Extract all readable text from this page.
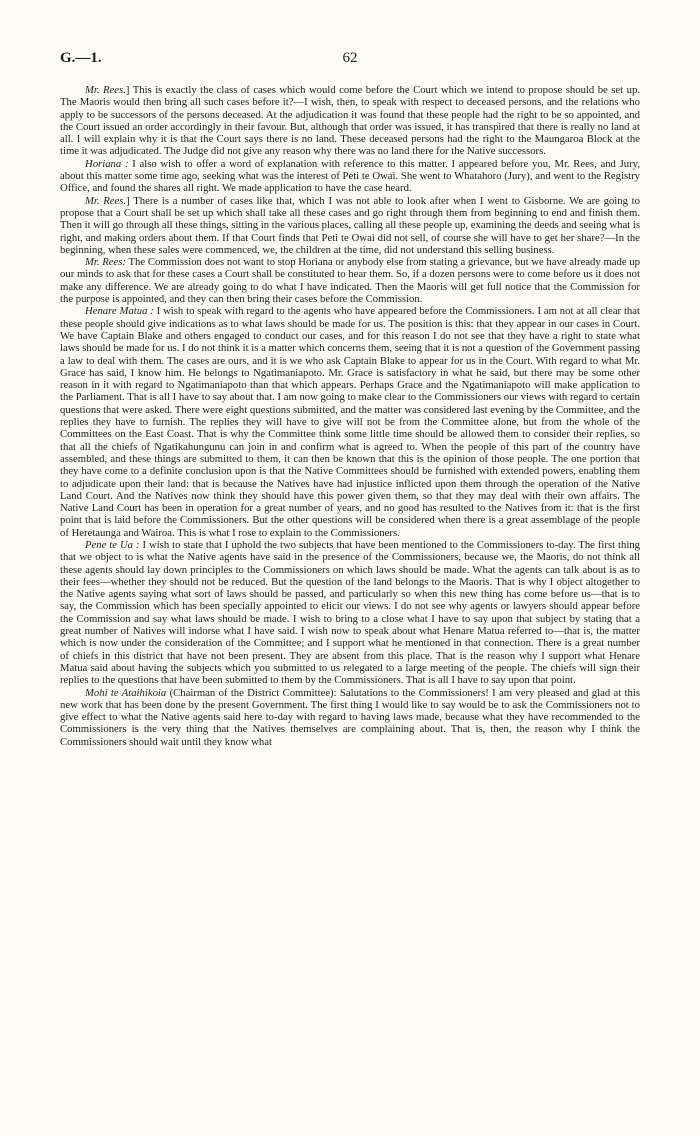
G.—1.	62

Mr. Rees.] This is exactly the class of cases which would come before the Court which we intend to propose should be set up. The Maoris would then bring all such cases before it?—I wish, then, to speak with respect to deceased persons, and the relations who apply to be successors of the persons deceased. At the adjudication it was found that these people had the right to be so appointed, and the Court issued an order accordingly in their favour. But, although that order was issued, it has transpired that there is really no land at all. I will explain why it is that the Court says there is no land. These deceased persons had the right to the Maungaroa Block at the time it was adjudicated. The Judge did not give any reason why there was no land there for the Native successors.

Horiana : I also wish to offer a word of explanation with reference to this matter. I appeared before you, Mr. Rees, and Jury, about this matter some time ago, seeking what was the interest of Peti te Owai. She went to Whatahoro (Jury), and went to the Registry Office, and found the shares all right. We made application to have the case heard.

Mr. Rees.] There is a number of cases like that, which I was not able to look after when I went to Gisborne. We are going to propose that a Court shall be set up which shall take all these cases and go right through them from beginning to end and finish them. Then it will go through all these things, sitting in the various places, calling all these people up, examining the deeds and seeing what is right, and making orders about them. If that Court finds that Peti te Owai did not sell, of course she will have to get her share?—In the beginning, when these sales were commenced, we, the children at the time, did not understand this selling business.

Mr. Rees: The Commission does not want to stop Horiana or anybody else from stating a grievance, but we have already made up our minds to ask that for these cases a Court shall be constituted to hear them. So, if a dozen persons were to come before us it does not make any difference. We are already going to do what I have indicated. Then the Maoris will get full notice that the Commission for the purpose is appointed, and they can then bring their cases before the Commission.

Henare Matua : I wish to speak with regard to the agents who have appeared before the Commissioners. I am not at all clear that these people should give indications as to what laws should be made for us. The position is this: that they appear in our cases in Court. We have Captain Blake and others engaged to conduct our cases, and for this reason I do not see that they have a right to state what laws should be made for us. I do not think it is a matter which concerns them, seeing that it is not a question of the Government passing a law to deal with them. The cases are ours, and it is we who ask Captain Blake to appear for us in the Court. With regard to what Mr. Grace has said, I know him. He belongs to Ngatimaniapoto. Mr. Grace is satisfactory in what he said, but there may be some other reason in it with regard to Ngatimaniapoto than that which appears. Perhaps Grace and the Ngatimaniapoto will make application to the Parliament. That is all I have to say about that. I am now going to make clear to the Commissioners our views with regard to certain questions that were asked. There were eight questions submitted, and the matter was considered last evening by the Committee, and the replies they have to furnish. The replies they will have to give will not be from the Committee alone, but from the whole of the Committees on the East Coast. That is why the Committee think some little time should be allowed them to consider their replies, so that all the chiefs of Ngatikahungunu can join in and confirm what is agreed to. When the people of this part of the country have assembled, and these things are submitted to them, it can then be known that this is the opinion of those people. The one portion that they have come to a definite conclusion upon is that the Native Committees should be furnished with extended powers, enabling them to adjudicate upon their land: that is because the Natives have had injustice inflicted upon them through the operation of the Native Land Court. And the Natives now think they should have this power given them, so that they may deal with their own affairs. The Native Land Court has been in operation for a great number of years, and no good has resulted to the Natives from it: that is the first point that is laid before the Commissioners. But the other questions will be considered when there is a great assemblage of the people of Heretaunga and Wairoa. This is what I rose to explain to the Commissioners.

Pene te Ua : I wish to state that I uphold the two subjects that have been mentioned to the Commissioners to-day. The first thing that we object to is what the Native agents have said in the presence of the Commissioners, because we, the Maoris, do not think all these agents should lay down principles to the Commissioners on which laws should be made. What the agents can talk about is as to their fees—whether they should not be reduced. But the question of the land belongs to the Maoris. That is why I object altogether to the Native agents saying what sort of laws should be passed, and particularly so when this new thing has come before us—that is to say, the Commission which has been specially appointed to elicit our views. I do not see why agents or lawyers should appear before the Commission and say what laws should be made. I wish to bring to a close what I have to say upon that subject by stating that a great number of Natives will indorse what I have said. I wish now to speak about what Henare Matua referred to—that is, the matter which is now under the consideration of the Committee; and I support what he mentioned in that connection. There is a great number of chiefs in this district that have not been present. They are absent from this place. That is the reason why I support what Henare Matua said about having the subjects which you submitted to us relegated to a large meeting of the people. The chiefs will sign their replies to the questions that have been submitted to them by the Commissioners. That is all I have to say upon that point.

Mohi te Ataihikoia (Chairman of the District Committee): Salutations to the Commissioners! I am very pleased and glad at this new work that has been done by the present Government. The first thing I would like to say would be to ask the Commissioners not to give effect to what the Native agents said here to-day with regard to having laws made, because what they have recommended to the Commissioners is the very thing that the Natives themselves are complaining about. That is, then, the reason why I think the Commissioners should wait until they know what
